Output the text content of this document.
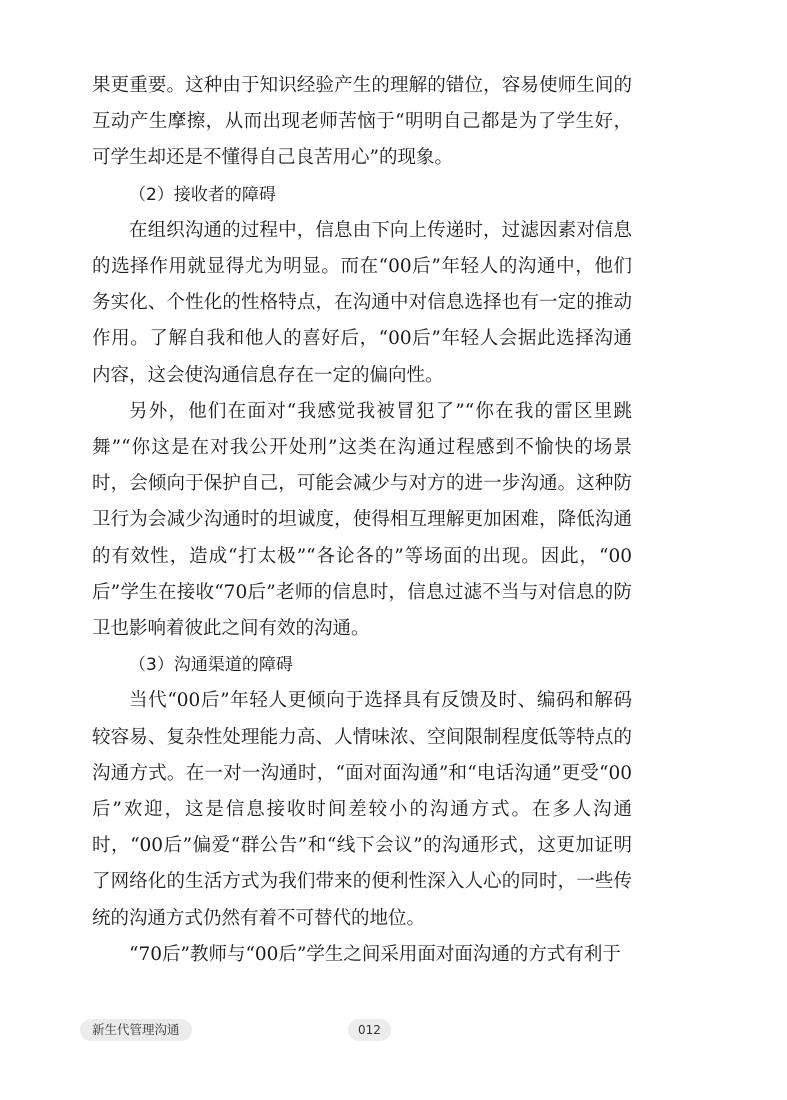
果更重要。这种由于知识经验产生的理解的错位，容易使师生间的互动产生摩擦，从而出现老师苦恼于“明明自己都是为了学生好，可学生却还是不懂得自己良苦用心”的现象。

（2）接收者的障碍

在组织沟通的过程中，信息由下向上传递时，过滤因素对信息的选择作用就显得尤为明显。而在“00后”年轻人的沟通中，他们务实化、个性化的性格特点，在沟通中对信息选择也有一定的推动作用。了解自我和他人的喜好后，“00后”年轻人会据此选择沟通内容，这会使沟通信息存在一定的偏向性。

另外，他们在面对“我感觉我被冒犯了”“你在我的雷区里跳舞”“你这是在对我公开处刑”这类在沟通过程感到不愉快的场景时，会倾向于保护自己，可能会减少与对方的进一步沟通。这种防卫行为会减少沟通时的坦诚度，使得相互理解更加困难，降低沟通的有效性，造成“打太极”“各论各的”等场面的出现。因此，“00后”学生在接收“70后”老师的信息时，信息过滤不当与对信息的防卫也影响着彼此之间有效的沟通。

（3）沟通渠道的障碍

当代“00后”年轻人更倾向于选择具有反馈及时、编码和解码较容易、复杂性处理能力高、人情味浓、空间限制程度低等特点的沟通方式。在一对一沟通时，“面对面沟通”和“电话沟通”更受“00后”欢迎，这是信息接收时间差较小的沟通方式。在多人沟通时，“00后”偏爱“群公告”和“线下会议”的沟通形式，这更加证明了网络化的生活方式为我们带来的便利性深入人心的同时，一些传统的沟通方式仍然有着不可替代的地位。

“70后”教师与“00后”学生之间采用面对面沟通的方式有利于

新生代管理沟通	012
